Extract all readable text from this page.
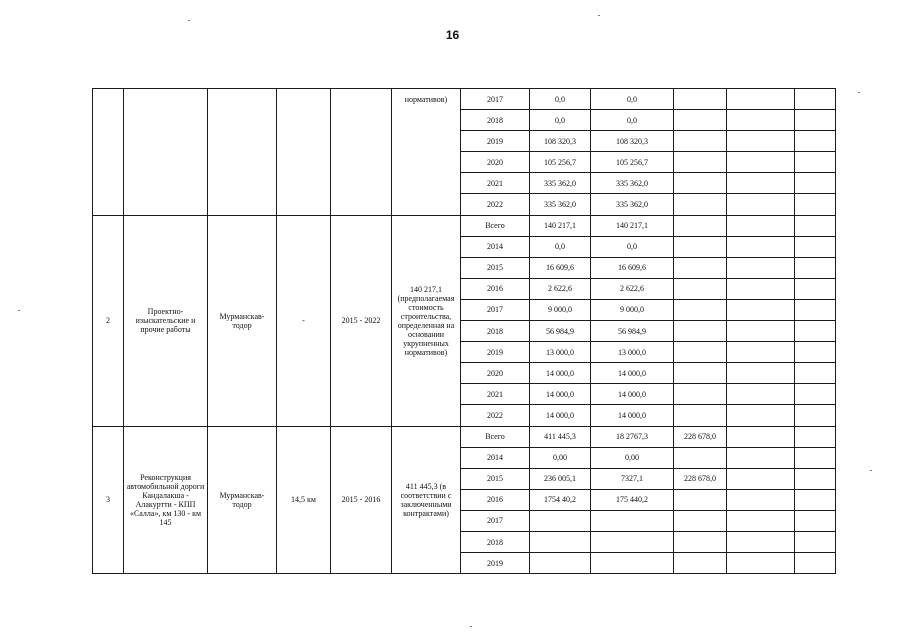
16
					нормативов)	2017	0,0	0,0			
						2018	0,0	0,0			
						2019	108 320,3	108 320,3			
						2020	105 256,7	105 256,7			
						2021	335 362,0	335 362,0			
						2022	335 362,0	335 362,0			
2	Проектно-изыскательские и прочие работы	Мурманскав-тодор	-	2015 - 2022	140 217,1 (предполагаемая стоимость строительства, определенная на основании укрупненных нормативов)	Всего	140 217,1	140 217,1			
						2014	0,0	0,0			
						2015	16 609,6	16 609,6			
						2016	2 622,6	2 622,6			
						2017	9 000,0	9 000,0			
						2018	56 984,9	56 984,9			
						2019	13 000,0	13 000,0			
						2020	14 000,0	14 000,0			
						2021	14 000,0	14 000,0			
						2022	14 000,0	14 000,0			
3	Реконструкция автомобильной дороги Кандалакша - Алакуртти - КПП «Салла», км 130 - км 145	Мурманскав-тодор	14,5 км	2015 - 2016	411 445,3 (в соответствии с заключенными контрактами)	Всего	411 445,3	18 2767,3	228 678,0		
						2014	0,00	0,00			
						2015	236 005,1	7327,1	228 678,0		
						2016	1754 40,2	175 440,2			
						2017					
						2018					
						2019					
